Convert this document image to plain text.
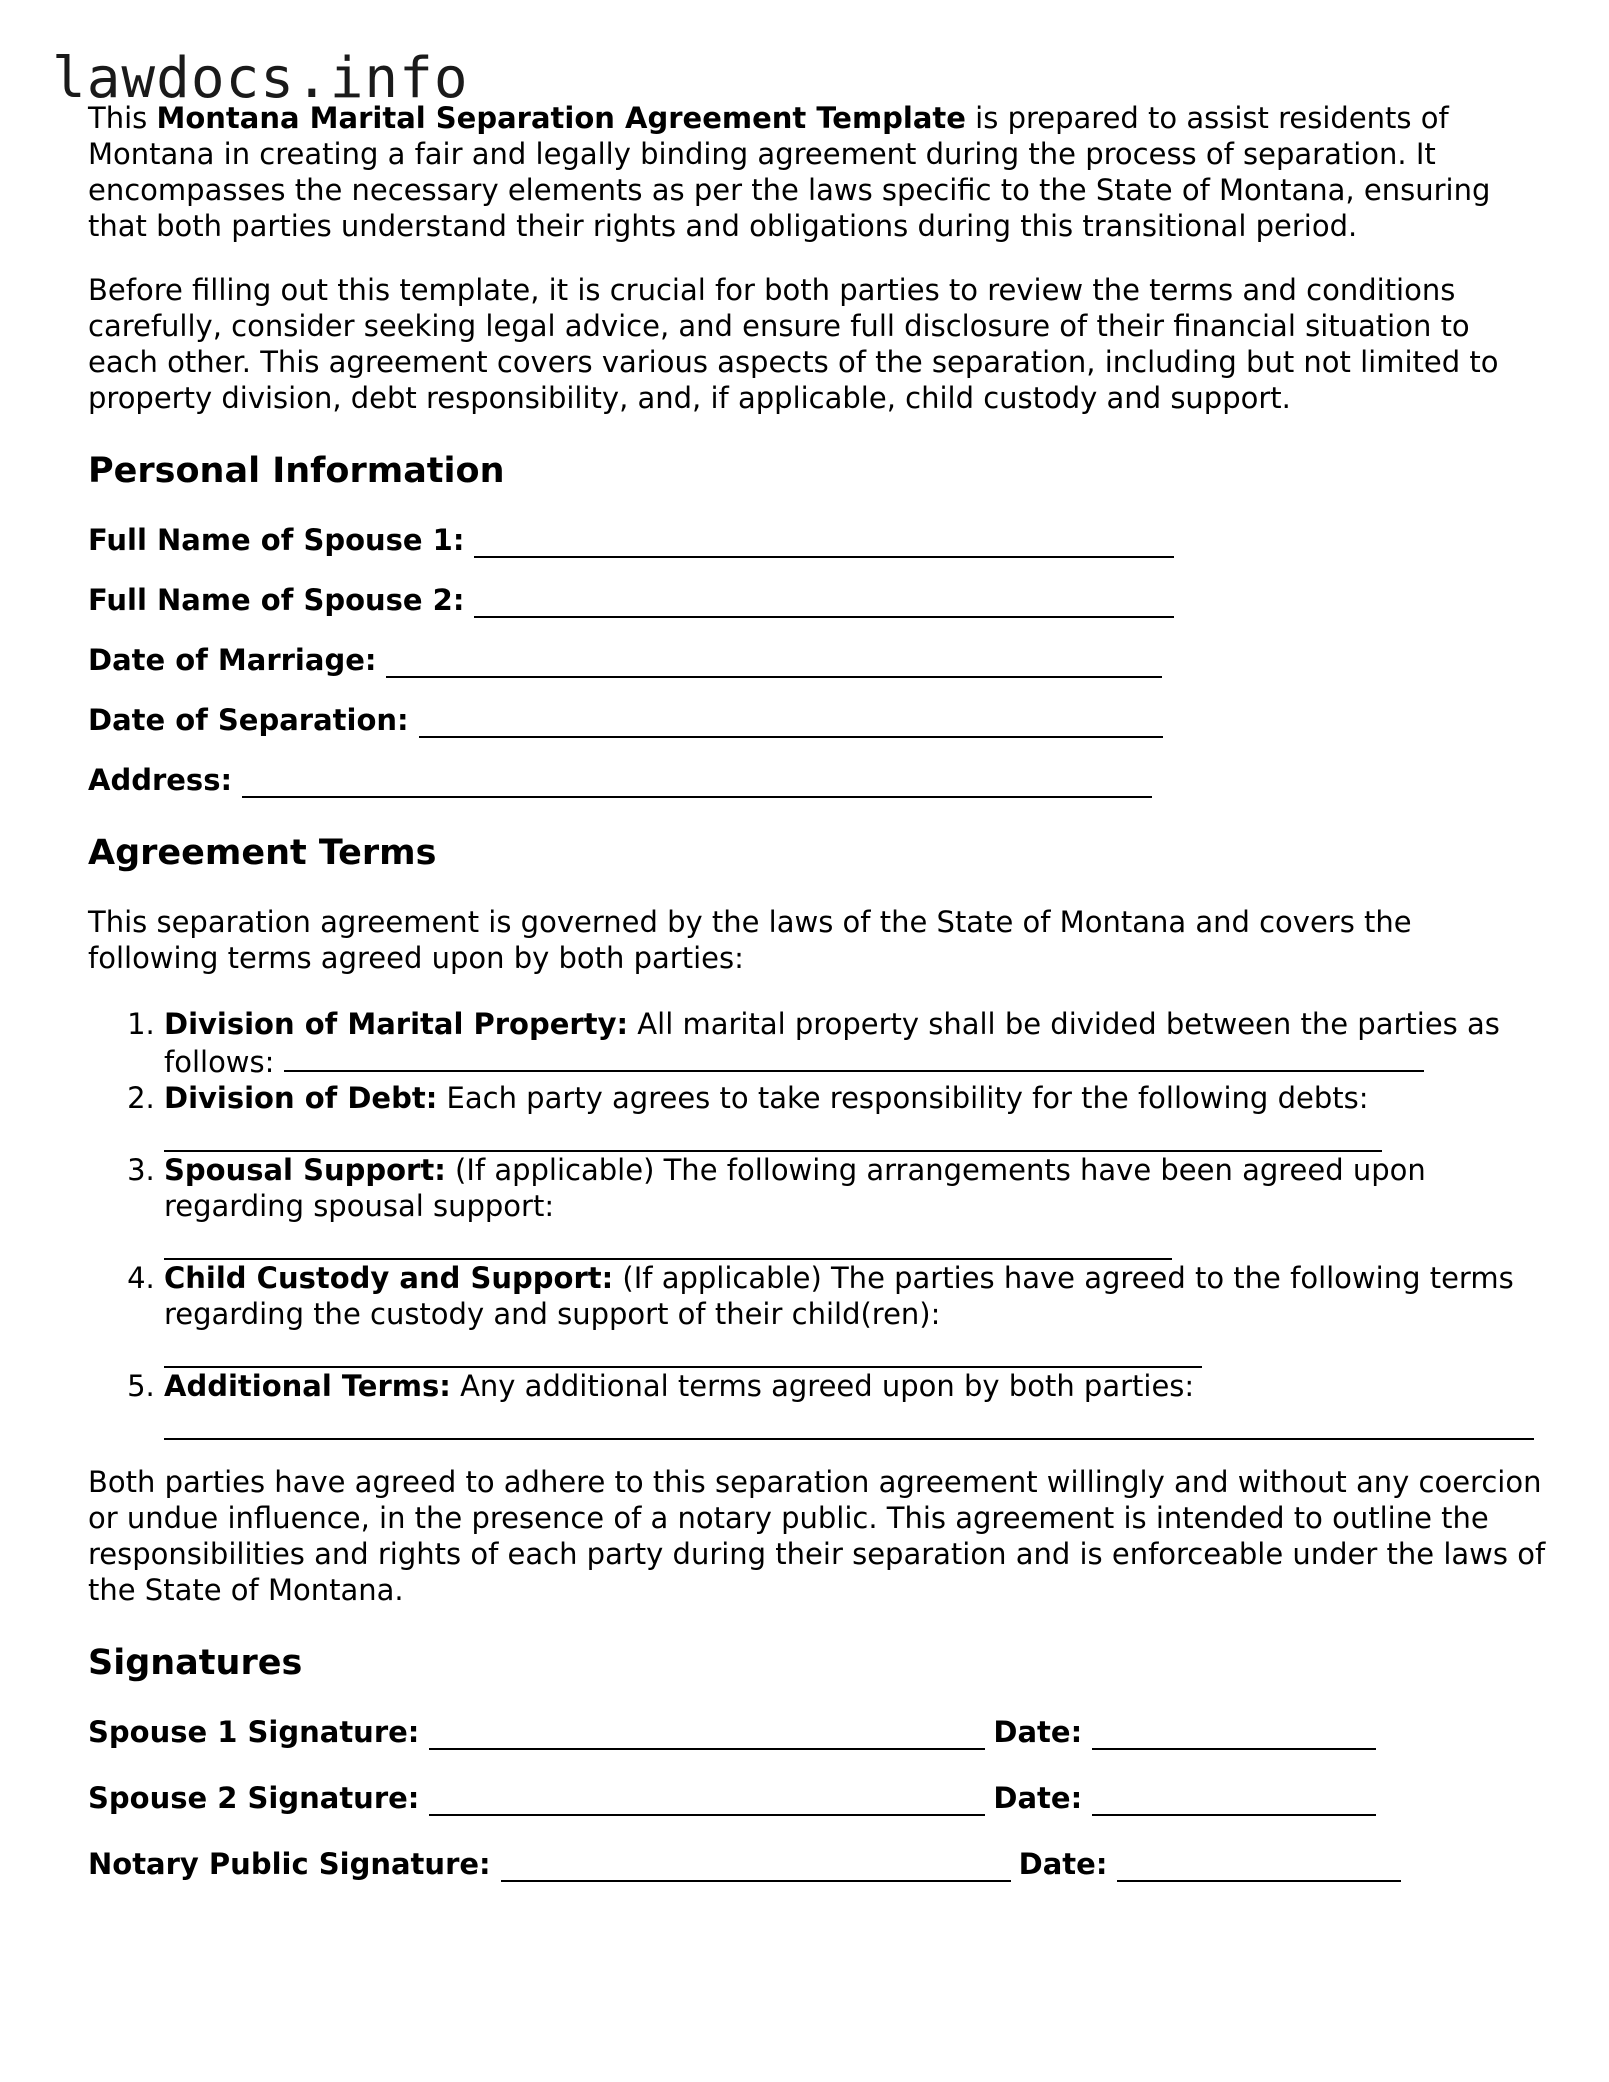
lawdocs.info

This Montana Marital Separation Agreement Template is prepared to assist residents of Montana in creating a fair and legally binding agreement during the process of separation. It encompasses the necessary elements as per the laws specific to the State of Montana, ensuring that both parties understand their rights and obligations during this transitional period.

Before filling out this template, it is crucial for both parties to review the terms and conditions carefully, consider seeking legal advice, and ensure full disclosure of their financial situation to each other. This agreement covers various aspects of the separation, including but not limited to property division, debt responsibility, and, if applicable, child custody and support.

Personal Information
Full Name of Spouse 1:
Full Name of Spouse 2:
Date of Marriage:
Date of Separation:
Address:
Agreement Terms

This separation agreement is governed by the laws of the State of Montana and covers the following terms agreed upon by both parties:

1. Division of Marital Property: All marital property shall be divided between the parties as follows:
2. Division of Debt: Each party agrees to take responsibility for the following debts:
3. Spousal Support: (If applicable) The following arrangements have been agreed upon regarding spousal support:
4. Child Custody and Support: (If applicable) The parties have agreed to the following terms regarding the custody and support of their child(ren):
5. Additional Terms: Any additional terms agreed upon by both parties:

Both parties have agreed to adhere to this separation agreement willingly and without any coercion or undue influence, in the presence of a notary public. This agreement is intended to outline the responsibilities and rights of each party during their separation and is enforceable under the laws of the State of Montana.

Signatures
Spouse 1 Signature:	Date:
Spouse 2 Signature:	Date:
Notary Public Signature:	Date:
